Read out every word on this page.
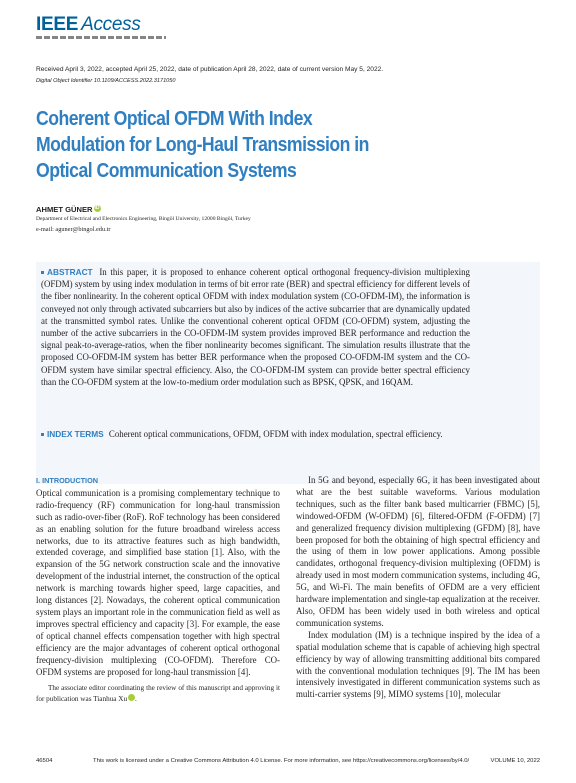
IEEE Access
Received April 3, 2022, accepted April 25, 2022, date of publication April 28, 2022, date of current version May 5, 2022.
Digital Object Identifier 10.1109/ACCESS.2022.3171050
Coherent Optical OFDM With Index Modulation for Long-Haul Transmission in Optical Communication Systems
AHMET GÜNER iD
Department of Electrical and Electronics Engineering, Bingöl University, 12000 Bingöl, Turkey
e-mail: aguner@bingol.edu.tr
ABSTRACT In this paper, it is proposed to enhance coherent optical orthogonal frequency-division multiplexing (OFDM) system by using index modulation in terms of bit error rate (BER) and spectral efficiency for different levels of the fiber nonlinearity. In the coherent optical OFDM with index modulation system (CO-OFDM-IM), the information is conveyed not only through activated subcarriers but also by indices of the active subcarrier that are dynamically updated at the transmitted symbol rates. Unlike the conventional coherent optical OFDM (CO-OFDM) system, adjusting the number of the active subcarriers in the CO-OFDM-IM system provides improved BER performance and reduction the signal peak-to-average-ratios, when the fiber nonlinearity becomes significant. The simulation results illustrate that the proposed CO-OFDM-IM system has better BER performance when the proposed CO-OFDM-IM system and the CO-OFDM system have similar spectral efficiency. Also, the CO-OFDM-IM system can provide better spectral efficiency than the CO-OFDM system at the low-to-medium order modulation such as BPSK, QPSK, and 16QAM.
INDEX TERMS Coherent optical communications, OFDM, OFDM with index modulation, spectral efficiency.
I. INTRODUCTION

Optical communication is a promising complementary technique to radio-frequency (RF) communication for long-haul transmission such as radio-over-fiber (RoF). RoF technology has been considered as an enabling solution for the future broadband wireless access networks, due to its attractive features such as high bandwidth, extended coverage, and simplified base station [1]. Also, with the expansion of the 5G network construction scale and the innovative development of the industrial internet, the construction of the optical network is marching towards higher speed, large capacities, and long distances [2]. Nowadays, the coherent optical communication system plays an important role in the communication field as well as improves spectral efficiency and capacity [3]. For example, the ease of optical channel effects compensation together with high spectral efficiency are the major advantages of coherent optical orthogonal frequency-division multiplexing (CO-OFDM). Therefore CO-OFDM systems are proposed for long-haul transmission [4].

The associate editor coordinating the review of this manuscript and approving it for publication was Tianhua Xu	iD.

In 5G and beyond, especially 6G, it has been investigated about what are the best suitable waveforms. Various modulation techniques, such as the filter bank based multicarrier (FBMC) [5], windowed-OFDM (W-OFDM) [6], filtered-OFDM (F-OFDM) [7] and generalized frequency division multiplexing (GFDM) [8], have been proposed for both the obtaining of high spectral efficiency and the using of them in low power applications. Among possible candidates, orthogonal frequency-division multiplexing (OFDM) is already used in most modern communication systems, including 4G, 5G, and Wi-Fi. The main benefits of OFDM are a very efficient hardware implementation and single-tap equalization at the receiver. Also, OFDM has been widely used in both wireless and optical communication systems.

Index modulation (IM) is a technique inspired by the idea of a spatial modulation scheme that is capable of achieving high spectral efficiency by way of allowing transmitting additional bits compared with the conventional modulation techniques [9]. The IM has been intensively investigated in different communication systems such as multi-carrier systems [9], MIMO systems [10], molecular

46504	This work is licensed under a Creative Commons Attribution 4.0 License. For more information, see https://creativecommons.org/licenses/by/4.0/	VOLUME 10, 2022
